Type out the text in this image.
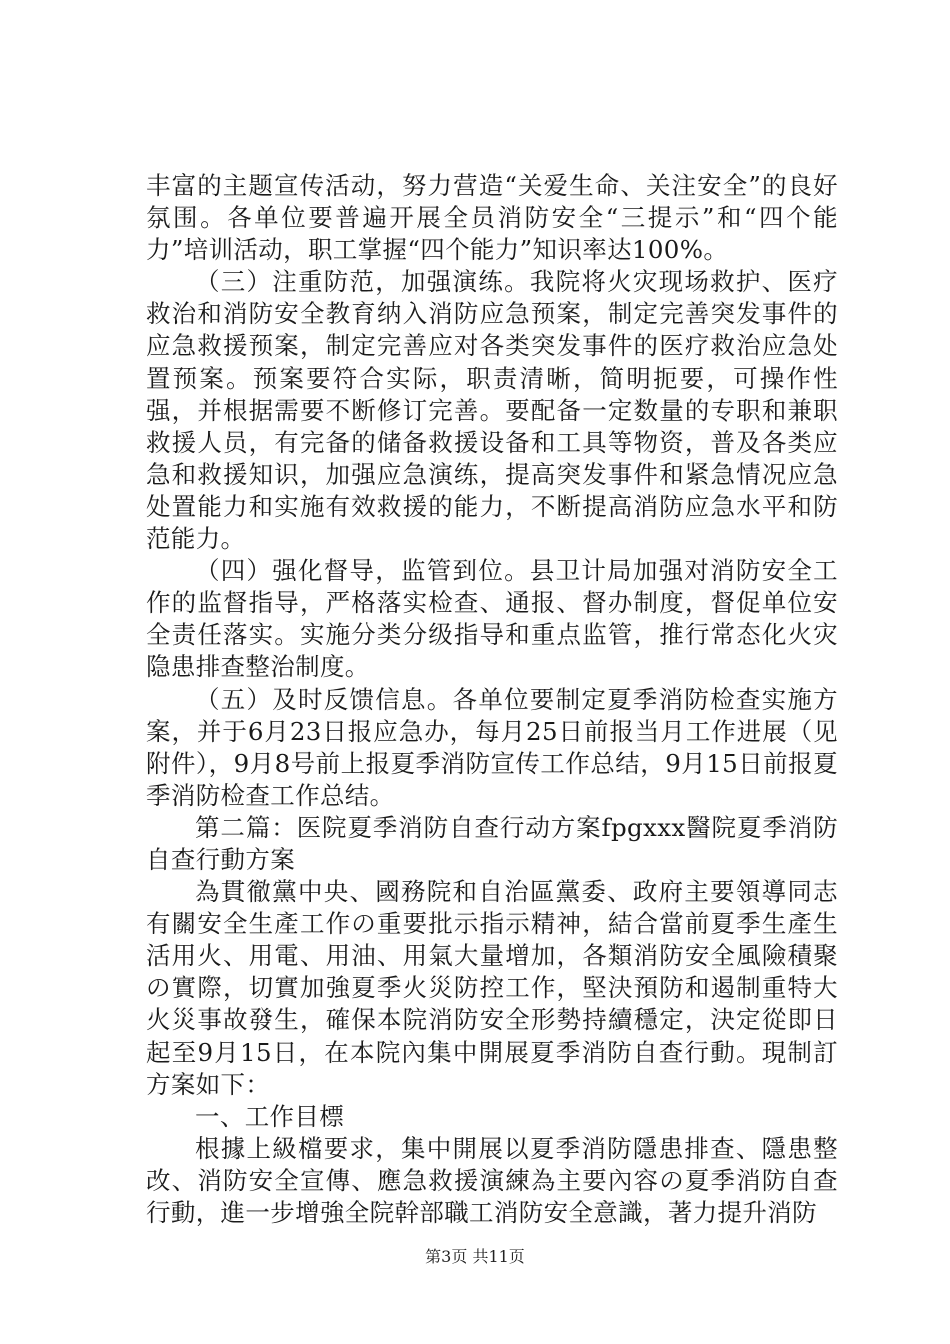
丰富的主题宣传活动，努力营造“关爱生命、关注安全”的良好氛围。各单位要普遍开展全员消防安全“三提示”和“四个能力”培训活动，职工掌握“四个能力”知识率达100%。

（三）注重防范，加强演练。我院将火灾现场救护、医疗救治和消防安全教育纳入消防应急预案，制定完善突发事件的应急救援预案，制定完善应对各类突发事件的医疗救治应急处置预案。预案要符合实际，职责清晰，简明扼要，可操作性强，并根据需要不断修订完善。要配备一定数量的专职和兼职救援人员，有完备的储备救援设备和工具等物资，普及各类应急和救援知识，加强应急演练，提高突发事件和紧急情况应急处置能力和实施有效救援的能力，不断提高消防应急水平和防范能力。

（四）强化督导，监管到位。县卫计局加强对消防安全工作的监督指导，严格落实检查、通报、督办制度，督促单位安全责任落实。实施分类分级指导和重点监管，推行常态化火灾隐患排查整治制度。

（五）及时反馈信息。各单位要制定夏季消防检查实施方案，并于6月23日报应急办，每月25日前报当月工作进展（见附件），9月8号前上报夏季消防宣传工作总结，9月15日前报夏季消防检查工作总结。

第二篇：医院夏季消防自查行动方案fpgxxx醫院夏季消防自查行動方案

為貫徹黨中央、國務院和自治區黨委、政府主要領導同志有關安全生產工作の重要批示指示精神，結合當前夏季生產生活用火、用電、用油、用氣大量增加，各類消防安全風險積聚の實際，切實加強夏季火災防控工作，堅決預防和遏制重特大火災事故發生，確保本院消防安全形勢持續穩定，決定從即日起至9月15日，在本院內集中開展夏季消防自查行動。現制訂方案如下：

一、工作目標

根據上級檔要求，集中開展以夏季消防隱患排查、隱患整改、消防安全宣傳、應急救援演練為主要內容の夏季消防自查行動，進一步增強全院幹部職工消防安全意識，著力提升消防

第3页 共11页
